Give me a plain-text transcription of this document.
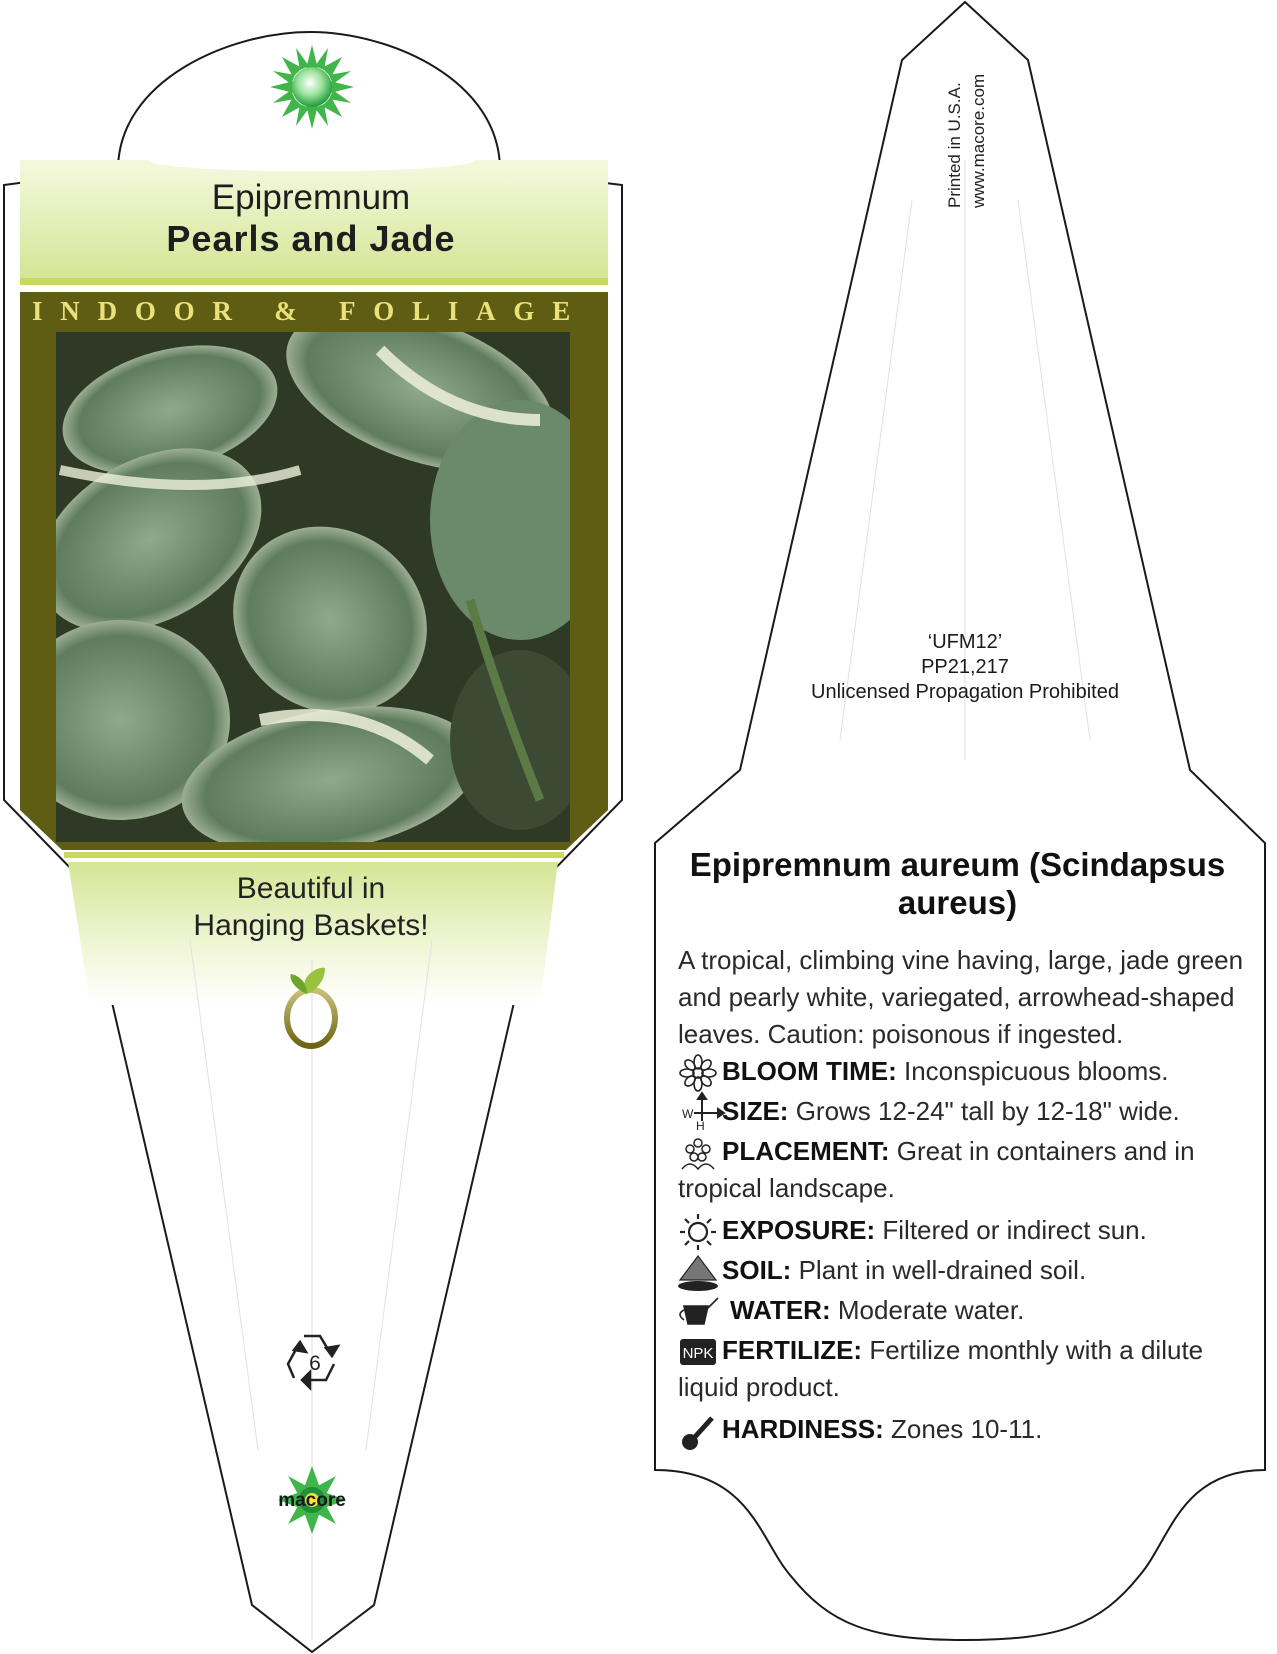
NPK
W
H
Printed in U.S.A. www.macore.com
Epipremnum
Pearls and Jade
INDOOR & FOLIAGE
Beautiful in
Hanging Baskets!
6
macore
‘UFM12’
PP21,217
Unlicensed Propagation Prohibited
Epipremnum aureum (Scindapsus aureus)
A tropical, climbing vine having, large, jade green and pearly white, variegated, arrowhead-shaped leaves. Caution: poisonous if ingested.
BLOOM TIME: Inconspicuous blooms.
SIZE: Grows 12-24" tall by 12-18" wide.
PLACEMENT: Great in containers and in tropical landscape.
EXPOSURE: Filtered or indirect sun.
SOIL: Plant in well-drained soil.
WATER: Moderate water.
FERTILIZE: Fertilize monthly with a dilute liquid product.
HARDINESS: Zones 10-11.
